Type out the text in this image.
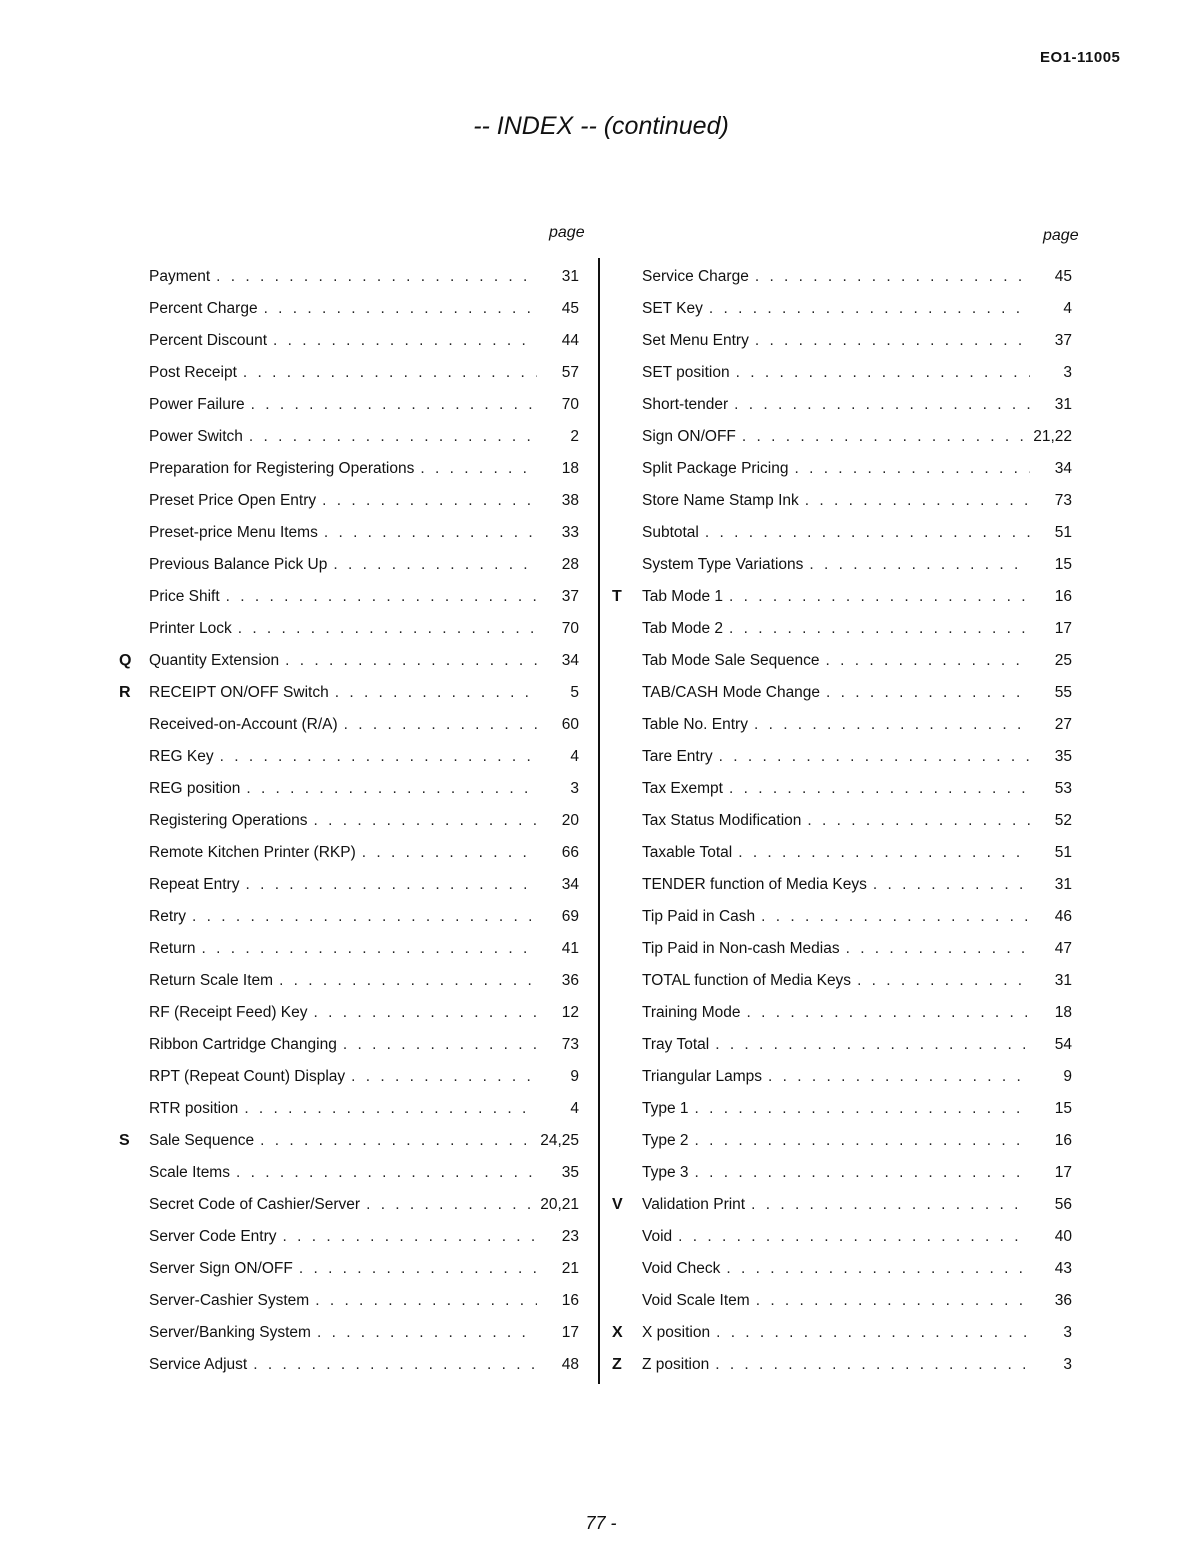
EO1-11005
-- INDEX -- (continued)
page	page
Payment . . .	31
Percent Charge . . .	45
Percent Discount . . .	44
Post Receipt . . .	57
Power Failure . . .	70
Power Switch . . .	2
Preparation for Registering Operations . . .	18
Preset Price Open Entry . . .	38
Preset-price Menu Items . . .	33
Previous Balance Pick Up . . .	28
Price Shift . . .	37
Printer Lock . . .	70
Q Quantity Extension . . .	34
R RECEIPT ON/OFF Switch . . .	5
Received-on-Account (R/A) . . .	60
REG Key . . .	4
REG position . . .	3
Registering Operations . . .	20
Remote Kitchen Printer (RKP) . . .	66
Repeat Entry . . .	34
Retry . . .	69
Return . . .	41
Return Scale Item . . .	36
RF (Receipt Feed) Key . . .	12
Ribbon Cartridge Changing . . .	73
RPT (Repeat Count) Display . . .	9
RTR position . . .	4
S Sale Sequence . . .	24,25
Scale Items . . .	35
Secret Code of Cashier/Server . . .	20,21
Server Code Entry . . .	23
Server Sign ON/OFF . . .	21
Server-Cashier System . . .	16
Server/Banking System . . .	17
Service Adjust . . .	48
Service Charge . . .	45
SET Key . . .	4
Set Menu Entry . . .	37
SET position . . .	3
Short-tender . . .	31
Sign ON/OFF . . .	21,22
Split Package Pricing . . .	34
Store Name Stamp Ink . . .	73
Subtotal . . .	51
System Type Variations . . .	15
T Tab Mode 1 . . .	16
Tab Mode 2 . . .	17
Tab Mode Sale Sequence . . .	25
TAB/CASH Mode Change . . .	55
Table No. Entry . . .	27
Tare Entry . . .	35
Tax Exempt . . .	53
Tax Status Modification . . .	52
Taxable Total . . .	51
TENDER function of Media Keys . . .	31
Tip Paid in Cash . . .	46
Tip Paid in Non-cash Medias . . .	47
TOTAL function of Media Keys . . .	31
Training Mode . . .	18
Tray Total . . .	54
Triangular Lamps . . .	9
Type 1 . . .	15
Type 2 . . .	16
Type 3 . . .	17
V Validation Print . . .	56
Void . . .	40
Void Check . . .	43
Void Scale Item . . .	36
X X position . . .	3
Z Z position . . .	3
77 -
